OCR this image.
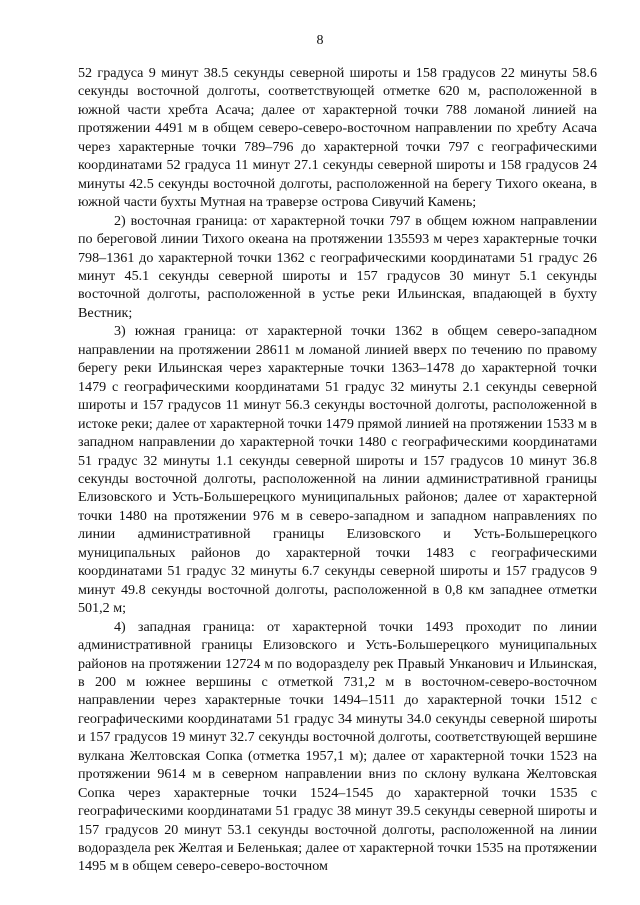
8

52 градуса 9 минут 38.5 секунды северной широты и 158 градусов 22 минуты 58.6 секунды восточной долготы, соответствующей отметке 620 м, расположенной в южной части хребта Асача; далее от характерной точки 788 ломаной линией на протяжении 4491 м в общем северо-северо-восточном направлении по хребту Асача через характерные точки 789–796 до характерной точки 797 с географическими координатами 52 градуса 11 минут 27.1 секунды северной широты и 158 градусов 24 минуты 42.5 секунды восточной долготы, расположенной на берегу Тихого океана, в южной части бухты Мутная на траверзе острова Сивучий Камень;

2) восточная граница: от характерной точки 797 в общем южном направлении по береговой линии Тихого океана на протяжении 135593 м через характерные точки 798–1361 до характерной точки 1362 с географическими координатами 51 градус 26 минут 45.1 секунды северной широты и 157 градусов 30 минут 5.1 секунды восточной долготы, расположенной в устье реки Ильинская, впадающей в бухту Вестник;

3) южная граница: от характерной точки 1362 в общем северо-западном направлении на протяжении 28611 м ломаной линией вверх по течению по правому берегу реки Ильинская через характерные точки 1363–1478 до характерной точки 1479 с географическими координатами 51 градус 32 минуты 2.1 секунды северной широты и 157 градусов 11 минут 56.3 секунды восточной долготы, расположенной в истоке реки; далее от характерной точки 1479 прямой линией на протяжении 1533 м в западном направлении до характерной точки 1480 с географическими координатами 51 градус 32 минуты 1.1 секунды северной широты и 157 градусов 10 минут 36.8 секунды восточной долготы, расположенной на линии административной границы Елизовского и Усть-Большерецкого муниципальных районов; далее от характерной точки 1480 на протяжении 976 м в северо-западном и западном направлениях по линии административной границы Елизовского и Усть-Большерецкого муниципальных районов до характерной точки 1483 с географическими координатами 51 градус 32 минуты 6.7 секунды северной широты и 157 градусов 9 минут 49.8 секунды восточной долготы, расположенной в 0,8 км западнее отметки 501,2 м;

4) западная граница: от характерной точки 1493 проходит по линии административной границы Елизовского и Усть-Большерецкого муниципальных районов на протяжении 12724 м по водоразделу рек Правый Унканович и Ильинская, в 200 м южнее вершины с отметкой 731,2 м в восточном-северо-восточном направлении через характерные точки 1494–1511 до характерной точки 1512 с географическими координатами 51 градус 34 минуты 34.0 секунды северной широты и 157 градусов 19 минут 32.7 секунды восточной долготы, соответствующей вершине вулкана Желтовская Сопка (отметка 1957,1 м); далее от характерной точки 1523 на протяжении 9614 м в северном направлении вниз по склону вулкана Желтовская Сопка через характерные точки 1524–1545 до характерной точки 1535 с географическими координатами 51 градус 38 минут 39.5 секунды северной широты и 157 градусов 20 минут 53.1 секунды восточной долготы, расположенной на линии водораздела рек Желтая и Беленькая; далее от характерной точки 1535 на протяжении 1495 м в общем северо-северо-восточном
